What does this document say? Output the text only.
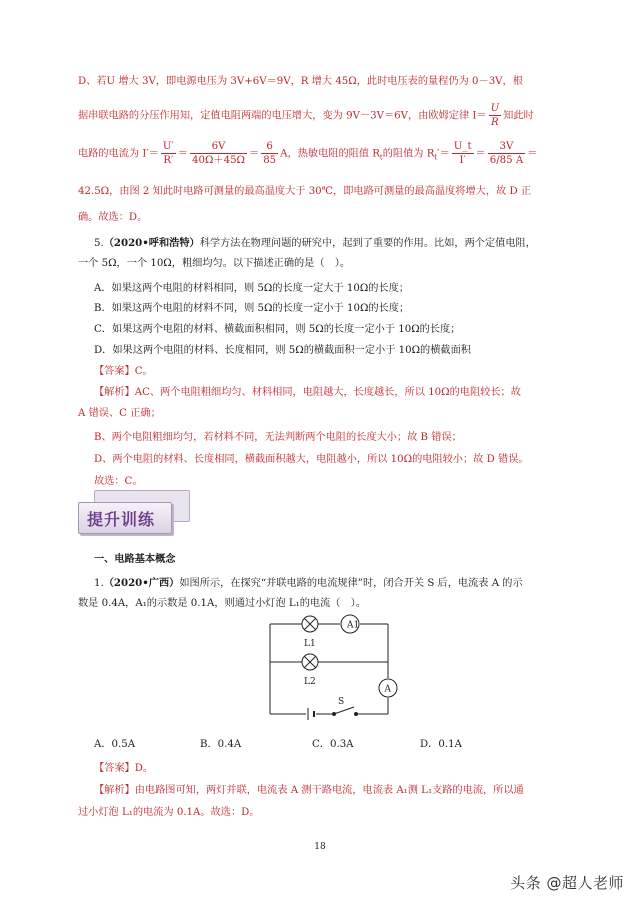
D、若U 增大 3V，即电源电压为 3V+6V＝9V，R 增大 45Ω，此时电压表的量程仍为 0－3V，根
据串联电路的分压作用知，定值电阻两端的电压增大，变为 9V－3V＝6V，由欧姆定律 $I= \frac{U}{R}$ 知此时
电路的电流为 $I'= \frac{U'}{R'} = \frac{6V}{40\Omega+45\Omega} = \frac{6}{85}$ A，热敏电阻的阻值 $R_t$的阻值为 $R_t'= \frac{U\_t}{I'} = \frac{3V}{6/85 A}$ ＝
42.5Ω，由图 2 知此时电路可测量的最高温度大于 30℃，即电路可测量的最高温度将增大，故 D 正
确。故选：D。
5.（2020•呼和浩特）科学方法在物理问题的研究中，起到了重要的作用。比如，两个定值电阻，
一个 5Ω，一个 10Ω，粗细均匀。以下描述正确的是（　）。
A．如果这两个电阻的材料相同，则 5Ω的长度一定大于 10Ω的长度；
B．如果这两个电阻的材料不同，则 5Ω的长度一定小于 10Ω的长度；
C．如果这两个电阻的材料、横截面积相同，则 5Ω的长度一定小于 10Ω的长度；
D．如果这两个电阻的材料、长度相同，则 5Ω的横截面积一定小于 10Ω的横截面积
【答案】C。
【解析】AC、两个电阻粗细均匀、材料相同，电阻越大，长度越长，所以 10Ω的电阻较长；故
A 错误、C 正确；
B、两个电阻粗细均匀，若材料不同，无法判断两个电阻的长度大小；故 B 错误；
D、两个电阻的材料、长度相同，横截面积越大，电阻越小，所以 10Ω的电阻较小；故 D 错误。
故选：C。
提升训练
一、电路基本概念
1.（2020•广西）如图所示，在探究“并联电路的电流规律”时，闭合开关 S 后，电流表 A 的示
数是 0.4A，A₁的示数是 0.1A，则通过小灯泡 L₁的电流（　）。
A1
A
L1
L2
S
A．0.5A	B．0.4A	C．0.3A	D．0.1A
【答案】D。
【解析】由电路图可知，两灯并联，电流表 A 测干路电流，电流表 A₁测 L₁支路的电流，所以通
过小灯泡 L₁的电流为 0.1A。故选：D。
18
头条 @超人老师
